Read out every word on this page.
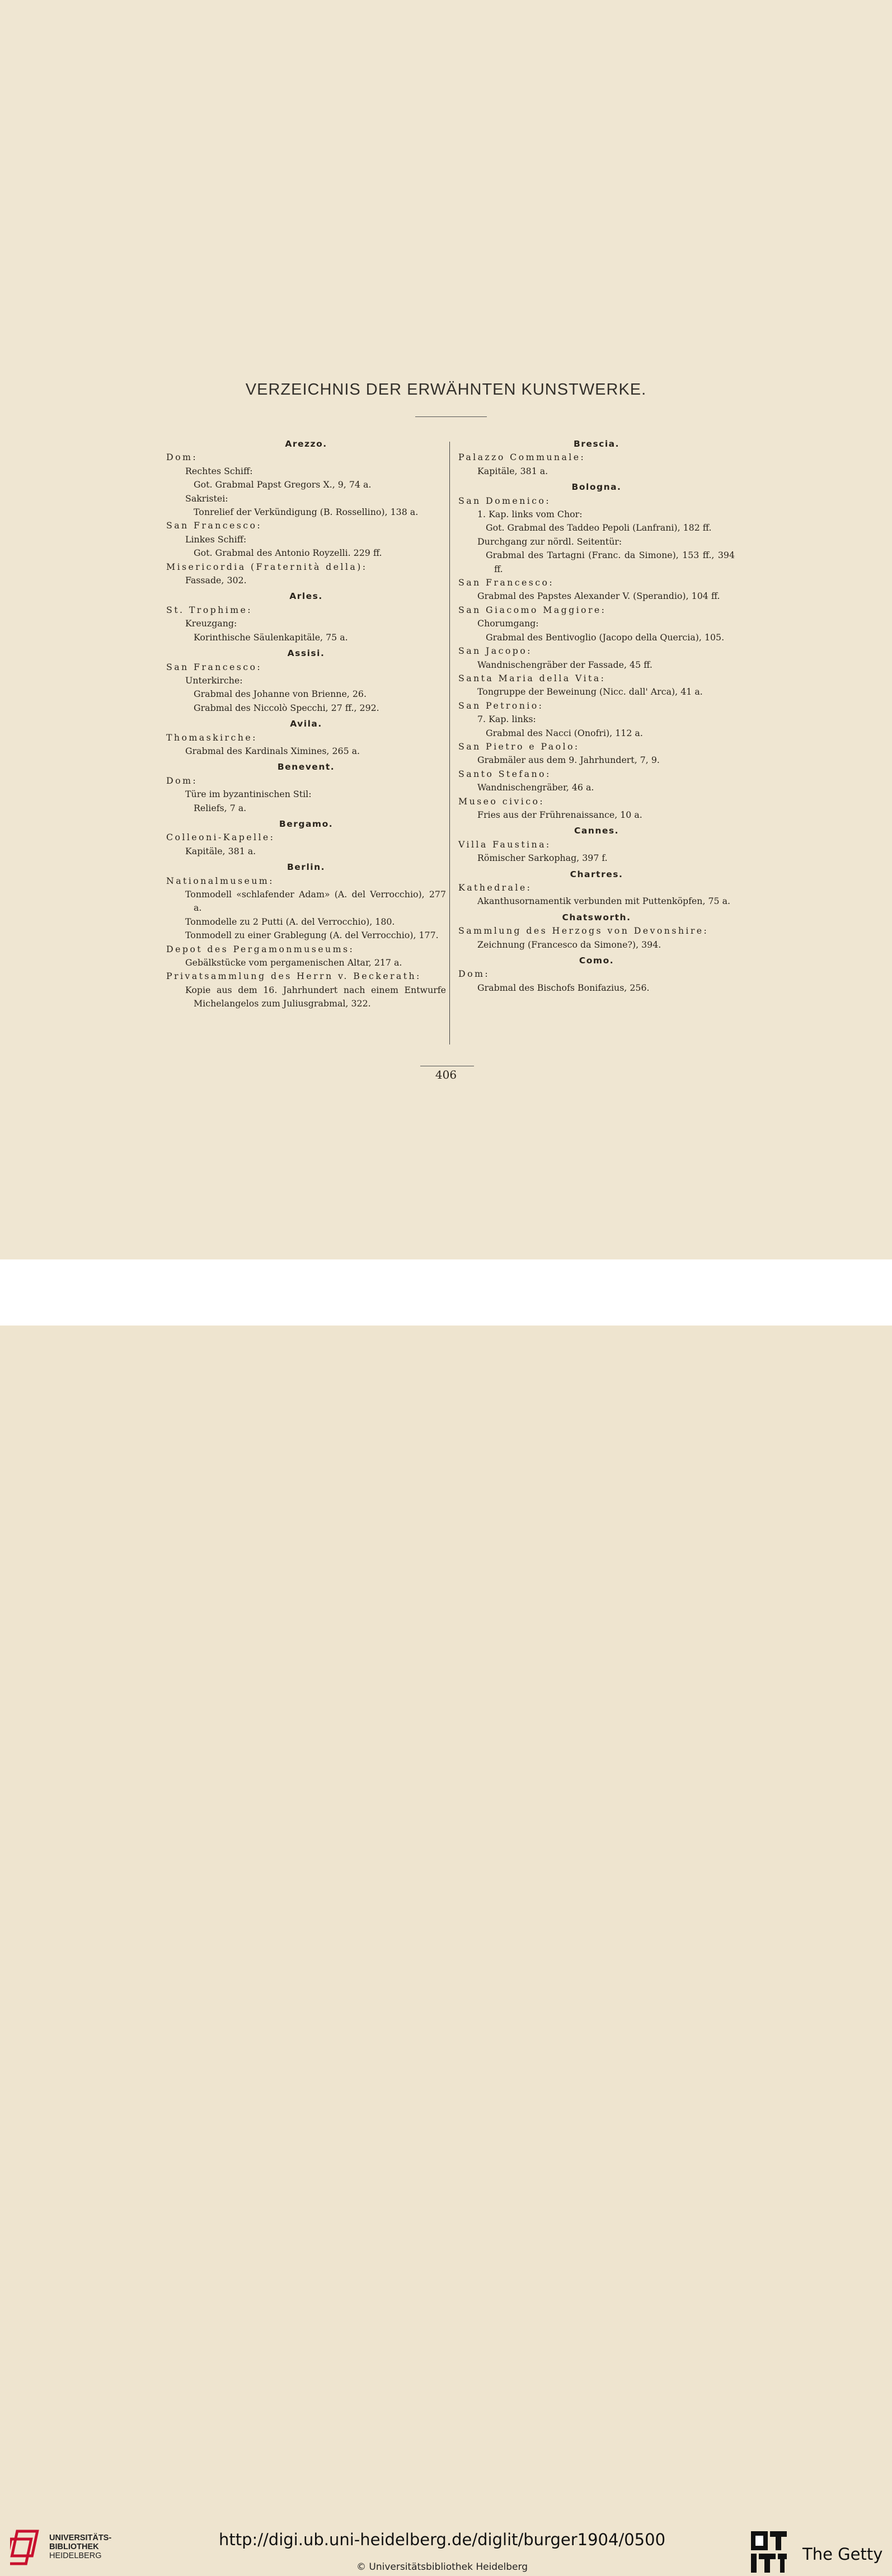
VERZEICHNIS DER ERWÄHNTEN KUNSTWERKE.
Arezzo.
Dom:
Rechtes Schiff:
Got. Grabmal Papst Gregors X., 9, 74 a.
Sakristei:
Tonrelief der Verkündigung (B. Rossellino), 138 a.
San Francesco:
Linkes Schiff:
Got. Grabmal des Antonio Royzelli. 229 ff.
Misericordia (Fraternità della):
Fassade, 302.
Arles.
St. Trophime:
Kreuzgang:
Korinthische Säulenkapitäle, 75 a.
Assisi.
San Francesco:
Unterkirche:
Grabmal des Johanne von Brienne, 26.
Grabmal des Niccolò Specchi, 27 ff., 292.
Avila.
Thomaskirche:
Grabmal des Kardinals Ximines, 265 a.
Benevent.
Dom:
Türe im byzantinischen Stil:
Reliefs, 7 a.
Bergamo.
Colleoni-Kapelle:
Kapitäle, 381 a.
Berlin.
Nationalmuseum:
Tonmodell «schlafender Adam» (A. del Verrocchio), 277 a.
Tonmodelle zu 2 Putti (A. del Verrocchio), 180.
Tonmodell zu einer Grablegung (A. del Verrocchio), 177.
Depot des Pergamonmuseums:
Gebälkstücke vom pergamenischen Altar, 217 a.
Privatsammlung des Herrn v. Beckerath:
Kopie aus dem 16. Jahrhundert nach einem Entwurfe Michelangelos zum Juliusgrabmal, 322.
Brescia.
Palazzo Communale:
Kapitäle, 381 a.
Bologna.
San Domenico:
1. Kap. links vom Chor:
Got. Grabmal des Taddeo Pepoli (Lanfrani), 182 ff.
Durchgang zur nördl. Seitentür:
Grabmal des Tartagni (Franc. da Simone), 153 ff., 394 ff.
San Francesco:
Grabmal des Papstes Alexander V. (Sperandio), 104 ff.
San Giacomo Maggiore:
Chorumgang:
Grabmal des Bentivoglio (Jacopo della Quercia), 105.
San Jacopo:
Wandnischengräber der Fassade, 45 ff.
Santa Maria della Vita:
Tongruppe der Beweinung (Nicc. dall' Arca), 41 a.
San Petronio:
7. Kap. links:
Grabmal des Nacci (Onofri), 112 a.
San Pietro e Paolo:
Grabmäler aus dem 9. Jahrhundert, 7, 9.
Santo Stefano:
Wandnischengräber, 46 a.
Museo civico:
Fries aus der Frührenaissance, 10 a.
Cannes.
Villa Faustina:
Römischer Sarkophag, 397 f.
Chartres.
Kathedrale:
Akanthusornamentik verbunden mit Puttenköpfen, 75 a.
Chatsworth.
Sammlung des Herzogs von Devonshire:
Zeichnung (Francesco da Simone?), 394.
Como.
Dom:
Grabmal des Bischofs Bonifazius, 256.
406
UNIVERSITÄTS-
BIBLIOTHEK
HEIDELBERG
http://digi.ub.uni-heidelberg.de/diglit/burger1904/0500
© Universitätsbibliothek Heidelberg
The Getty
